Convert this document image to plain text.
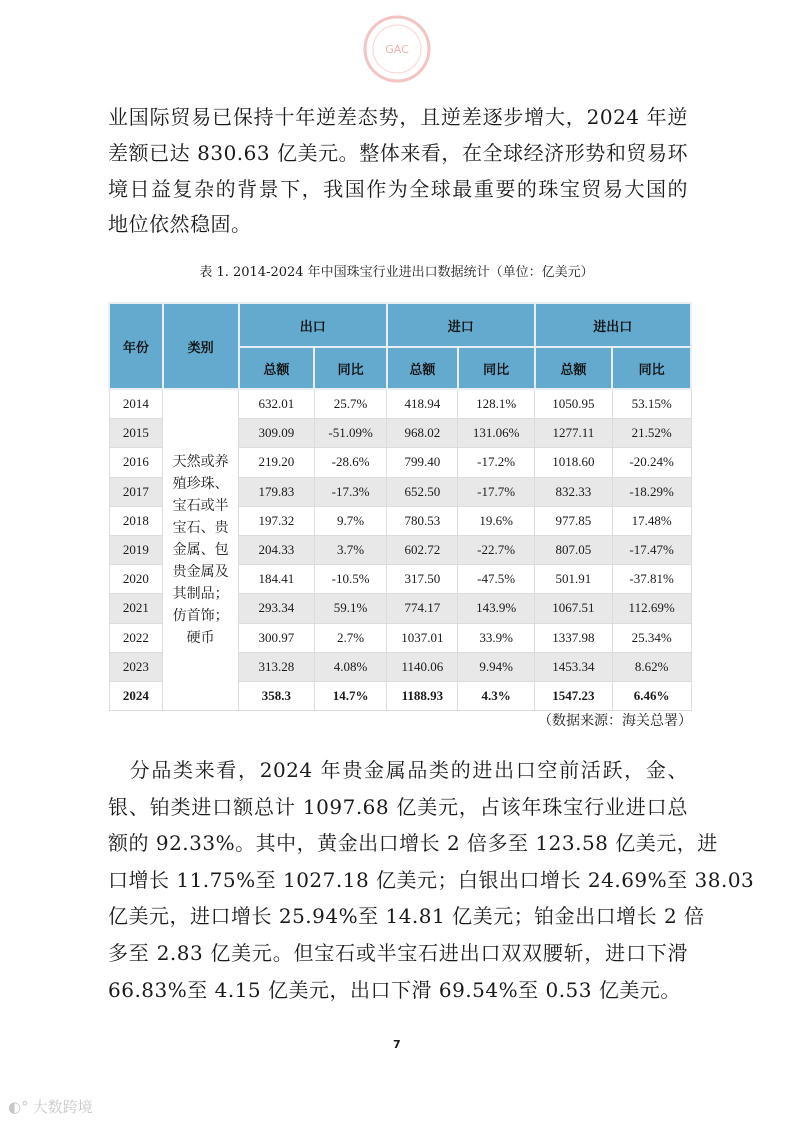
GAC
业国际贸易已保持十年逆差态势，且逆差逐步增大，2024 年逆
差额已达 830.63 亿美元。整体来看，在全球经济形势和贸易环
境日益复杂的背景下，我国作为全球最重要的珠宝贸易大国的
地位依然稳固。
表 1. 2014-2024 年中国珠宝行业进出口数据统计（单位：亿美元）
年份	类别	出口		进口		进出口	
		总额	同比	总额	同比	总额	同比
2014	天然或养殖珍珠、宝石或半宝石、贵金属、包贵金属及其制品；仿首饰；硬币	632.01	25.7%	418.94	128.1%	1050.95	53.15%
2015		309.09	-51.09%	968.02	131.06%	1277.11	21.52%
2016		219.20	-28.6%	799.40	-17.2%	1018.60	-20.24%
2017		179.83	-17.3%	652.50	-17.7%	832.33	-18.29%
2018		197.32	9.7%	780.53	19.6%	977.85	17.48%
2019		204.33	3.7%	602.72	-22.7%	807.05	-17.47%
2020		184.41	-10.5%	317.50	-47.5%	501.91	-37.81%
2021		293.34	59.1%	774.17	143.9%	1067.51	112.69%
2022		300.97	2.7%	1037.01	33.9%	1337.98	25.34%
2023		313.28	4.08%	1140.06	9.94%	1453.34	8.62%
2024		358.3	14.7%	1188.93	4.3%	1547.23	6.46%
（数据来源：海关总署）
　分品类来看，2024 年贵金属品类的进出口空前活跃，金、
银、铂类进口额总计 1097.68 亿美元，占该年珠宝行业进口总
额的 92.33%。其中，黄金出口增长 2 倍多至 123.58 亿美元，进
口增长 11.75%至 1027.18 亿美元；白银出口增长 24.69%至 38.03
亿美元，进口增长 25.94%至 14.81 亿美元；铂金出口增长 2 倍
多至 2.83 亿美元。但宝石或半宝石进出口双双腰斩，进口下滑
66.83%至 4.15 亿美元，出口下滑 69.54%至 0.53 亿美元。
7
◐° 大数跨境
